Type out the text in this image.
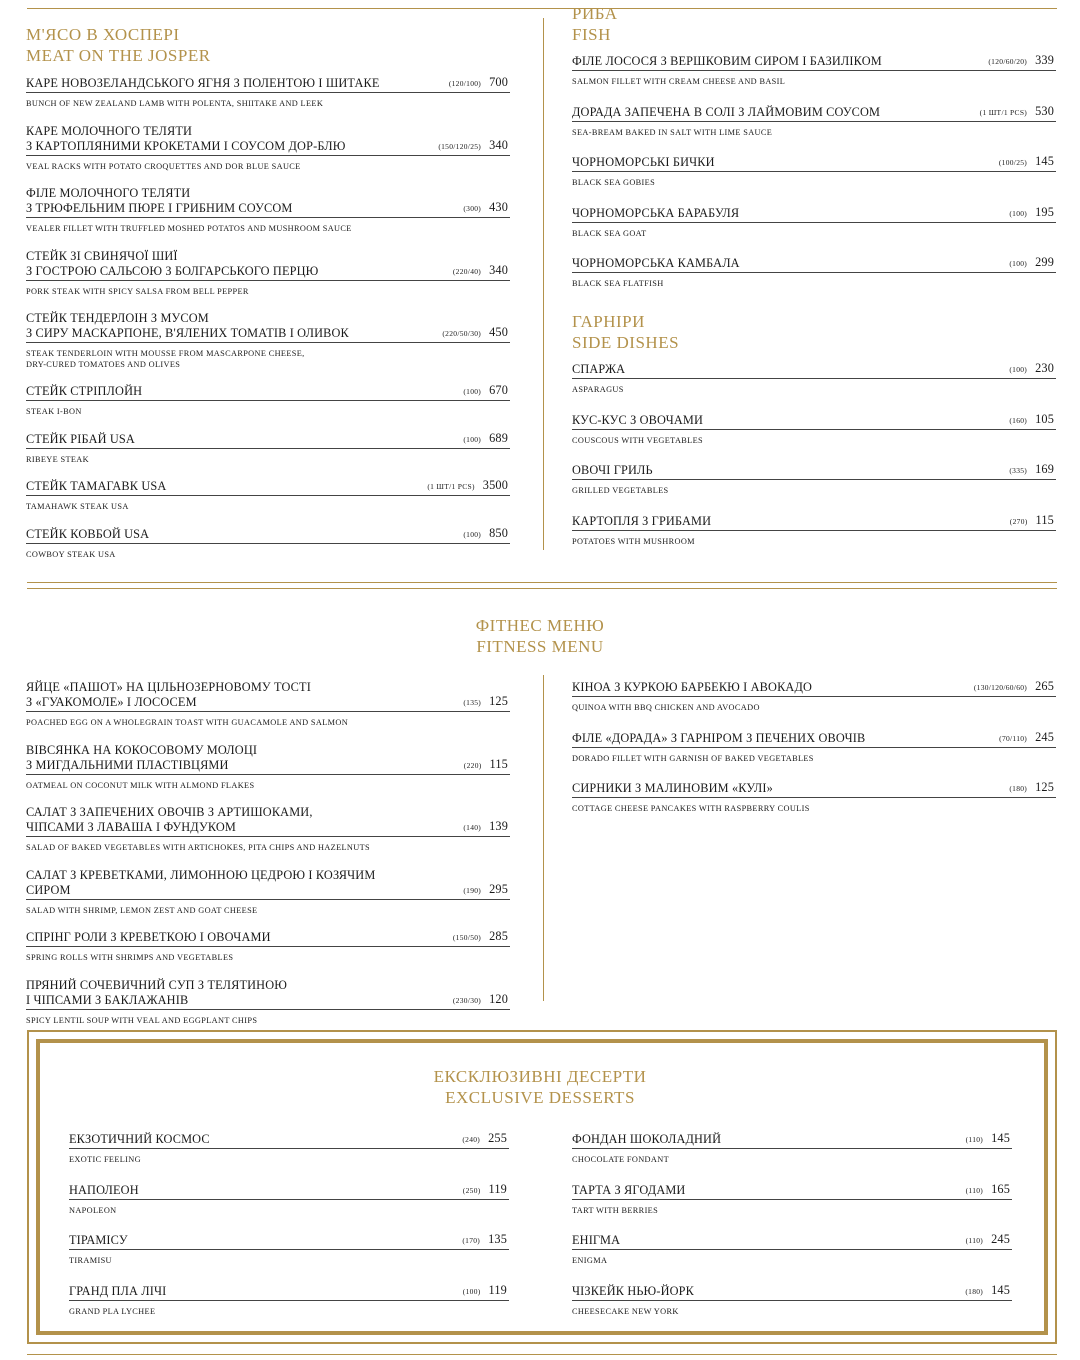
М'ЯСО В ХОСПЕРІ
MEAT ON THE JOSPER
КАРЕ НОВОЗЕЛАНДСЬКОГО ЯГНЯ З ПОЛЕНТОЮ І ШИТАКЕ	(120/100) 700
BUNCH OF NEW ZEALAND LAMB WITH POLENTA, SHIITAKE AND LEEK
КАРЕ МОЛОЧНОГО ТЕЛЯТИ
З КАРТОПЛЯНИМИ КРОКЕТАМИ І СОУСОМ ДОР-БЛЮ	(150/120/25) 340
VEAL RACKS WITH POTATO CROQUETTES AND DOR BLUE SAUCE
ФІЛЕ МОЛОЧНОГО ТЕЛЯТИ
З ТРЮФЕЛЬНИМ ПЮРЕ І ГРИБНИМ СОУСОМ	(300) 430
VEALER FILLET WITH TRUFFLED MOSHED POTATOS AND MUSHROOM SAUCE
СТЕЙК ЗІ СВИНЯЧОЇ ШИЇ
З ГОСТРОЮ САЛЬСОЮ З БОЛГАРСЬКОГО ПЕРЦЮ	(220/40) 340
PORK STEAK WITH SPICY SALSA FROM BELL PEPPER
СТЕЙК ТЕНДЕРЛОІН З МУСОМ
З СИРУ МАСКАРПОНЕ, В'ЯЛЕНИХ ТОМАТІВ І ОЛИВОК	(220/50/30) 450
STEAK TENDERLOIN WITH MOUSSE FROM MASCARPONE CHEESE,
DRY-CURED TOMATOES AND OLIVES
СТЕЙК СТРІПЛОЙН	(100) 670
STEAK I-BON
СТЕЙК РІБАЙ USA	(100) 689
RIBEYE STEAK
СТЕЙК ТАМАГАВК USA	(1 ШТ/1 PCS) 3500
TAMAHAWK STEAK USA
СТЕЙК КОВБОЙ USA	(100) 850
COWBOY STEAK USA
РИБА
FISH
ФІЛЕ ЛОСОСЯ З ВЕРШКОВИМ СИРОМ І БАЗИЛІКОМ	(120/60/20) 339
SALMON FILLET WITH CREAM CHEESE AND BASIL
ДОРАДА ЗАПЕЧЕНА В СОЛІ З ЛАЙМОВИМ СОУСОМ	(1 ШТ/1 PCS) 530
SEA-BREAM BAKED IN SALT WITH LIME SAUCE
ЧОРНОМОРСЬКІ БИЧКИ	(100/25) 145
BLACK SEA GOBIES
ЧОРНОМОРСЬКА БАРАБУЛЯ	(100) 195
BLACK SEA GOAT
ЧОРНОМОРСЬКА КАМБАЛА	(100) 299
BLACK SEA FLATFISH
ГАРНІРИ
SIDE DISHES
СПАРЖА	(100) 230
ASPARAGUS
КУС-КУС З ОВОЧАМИ	(160) 105
COUSCOUS WITH VEGETABLES
ОВОЧІ ГРИЛЬ	(335) 169
GRILLED VEGETABLES
КАРТОПЛЯ З ГРИБАМИ	(270) 115
POTATOES WITH MUSHROOM
ФІТНЕС МЕНЮ
FITNESS MENU
ЯЙЦЕ «ПАШОТ» НА ЦІЛЬНОЗЕРНОВОМУ ТОСТІ
З «ГУАКОМОЛЕ» І ЛОСОСЕМ	(135) 125
POACHED EGG ON A WHOLEGRAIN TOAST WITH GUACAMOLE AND SALMON
ВІВСЯНКА НА КОКОСОВОМУ МОЛОЦІ
З МИГДАЛЬНИМИ ПЛАСТІВЦЯМИ	(220) 115
OATMEAL ON COCONUT MILK WITH ALMOND FLAKES
САЛАТ З ЗАПЕЧЕНИХ ОВОЧІВ З АРТИШОКАМИ,
ЧІПСАМИ З ЛАВАША І ФУНДУКОМ	(140) 139
SALAD OF BAKED VEGETABLES WITH ARTICHOKES, PITA CHIPS AND HAZELNUTS
САЛАТ З КРЕВЕТКАМИ, ЛИМОННОЮ ЦЕДРОЮ І КОЗЯЧИМ СИРОМ	(190) 295
SALAD WITH SHRIMP, LEMON ZEST AND GOAT CHEESE
СПРІНГ РОЛИ З КРЕВЕТКОЮ І ОВОЧАМИ	(150/50) 285
SPRING ROLLS WITH SHRIMPS AND VEGETABLES
ПРЯНИЙ СОЧЕВИЧНИЙ СУП З ТЕЛЯТИНОЮ
І ЧІПСАМИ З БАКЛАЖАНІВ	(230/30) 120
SPICY LENTIL SOUP WITH VEAL AND EGGPLANT CHIPS
КІНОА З КУРКОЮ БАРБЕКЮ І АВОКАДО	(130/120/60/60) 265
QUINOA WITH BBQ CHICKEN AND AVOCADO
ФІЛЕ «ДОРАДА» З ГАРНІРОМ З ПЕЧЕНИХ ОВОЧІВ	(70/110) 245
DORADO FILLET WITH GARNISH OF BAKED VEGETABLES
СИРНИКИ З МАЛИНОВИМ «КУЛІ»	(180) 125
COTTAGE CHEESE PANCAKES WITH RASPBERRY COULIS
ЕКСКЛЮЗИВНІ ДЕСЕРТИ
EXCLUSIVE DESSERTS
ЕКЗОТИЧНИЙ КОСМОС	(240) 255
EXOTIC FEELING
НАПОЛЕОН	(250) 119
NAPOLEON
ТІРАМІСУ	(170) 135
TIRAMISU
ГРАНД ПЛА ЛІЧІ	(100) 119
GRAND PLA LYCHEE
ФОНДАН ШОКОЛАДНИЙ	(110) 145
CHOCOLATE FONDANT
ТАРТА З ЯГОДАМИ	(110) 165
TART WITH BERRIES
ЕНІГМА	(110) 245
ENIGMA
ЧІЗКЕЙК НЬЮ-ЙОРК	(180) 145
CHEESECAKE NEW YORK
